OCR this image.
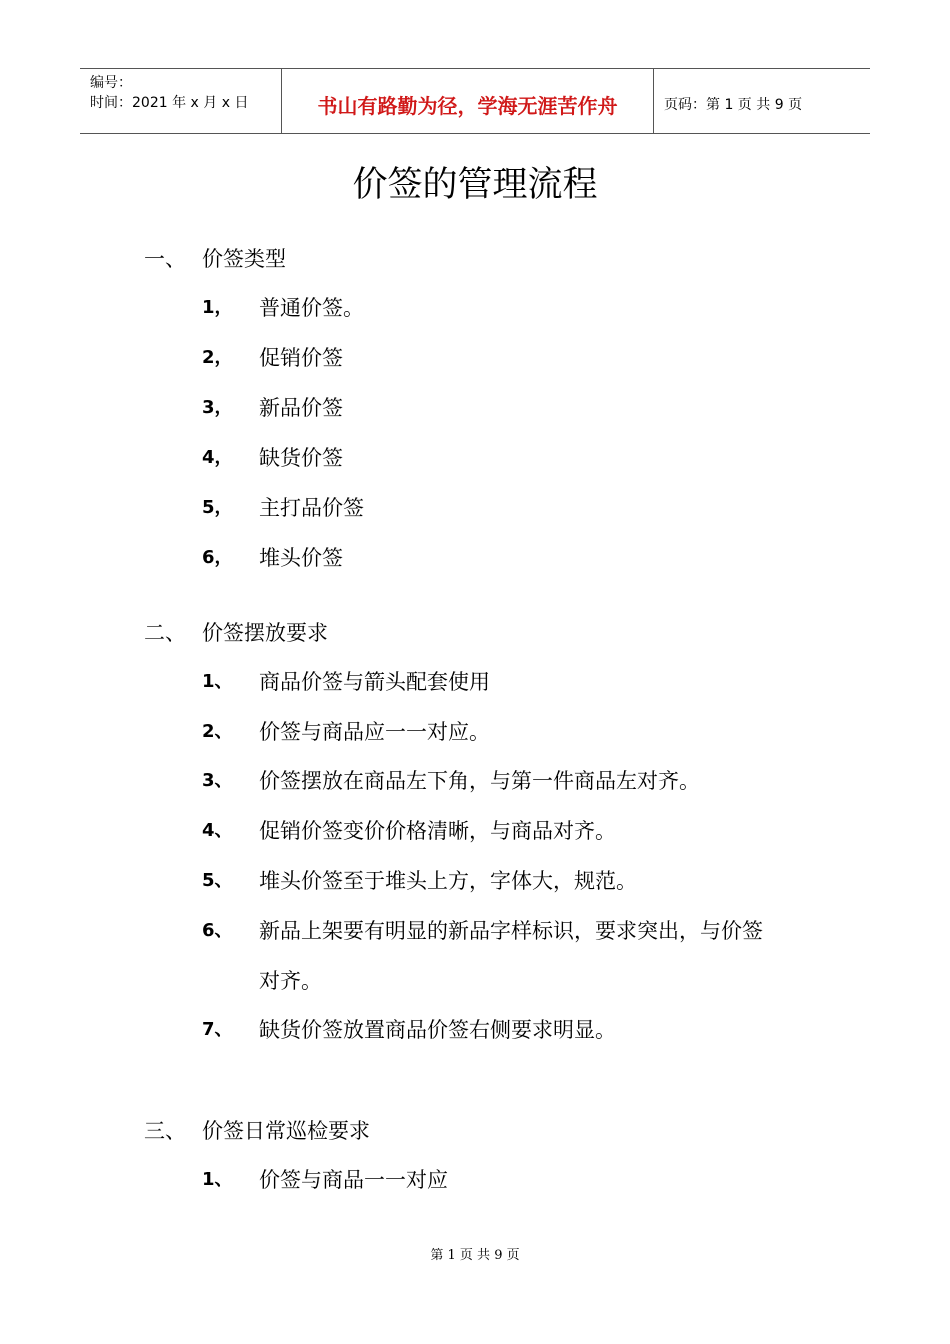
编号：
时间：2021 年 x 月 x 日	书山有路勤为径，学海无涯苦作舟	页码：第 1 页 共 9 页
价签的管理流程
一、 价签类型
1， 普通价签。
2， 促销价签
3， 新品价签
4， 缺货价签
5， 主打品价签
6， 堆头价签
二、 价签摆放要求
1、 商品价签与箭头配套使用
2、 价签与商品应一一对应。
3、 价签摆放在商品左下角，与第一件商品左对齐。
4、 促销价签变价价格清晰，与商品对齐。
5、 堆头价签至于堆头上方，字体大，规范。
6、 新品上架要有明显的新品字样标识，要求突出，与价签
对齐。
7、 缺货价签放置商品价签右侧要求明显。
三、 价签日常巡检要求
1、 价签与商品一一对应
第 1 页 共 9 页
